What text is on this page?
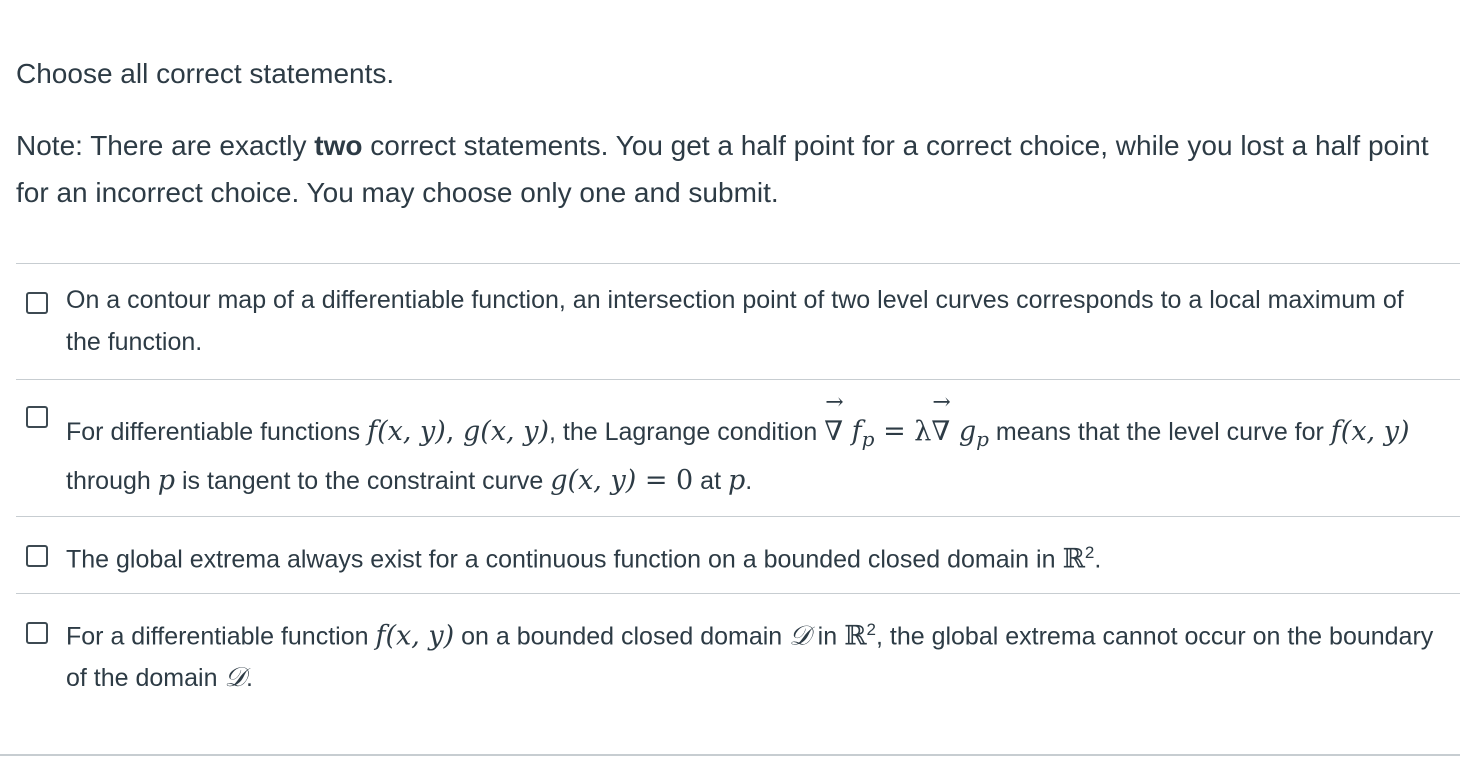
Choose all correct statements.

Note: There are exactly two correct statements. You get a half point for a correct choice, while you lost a half point for an incorrect choice. You may choose only one and submit.

On a contour map of a differentiable function, an intersection point of two level curves corresponds to a local maximum of the function.
For differentiable functions f(x, y), g(x, y), the Lagrange condition → ∇ $f_p = \lambda\to$ ∇ $g_p$ means that the level curve for f(x, y) through p is tangent to the constraint curve g(x, y) = 0 at p.
The global extrema always exist for a continuous function on a bounded closed domain in ℝ$^2$.
For a differentiable function f(x, y) on a bounded closed domain 𝒟 in ℝ$^2$, the global extrema cannot occur on the boundary of the domain 𝒟.
